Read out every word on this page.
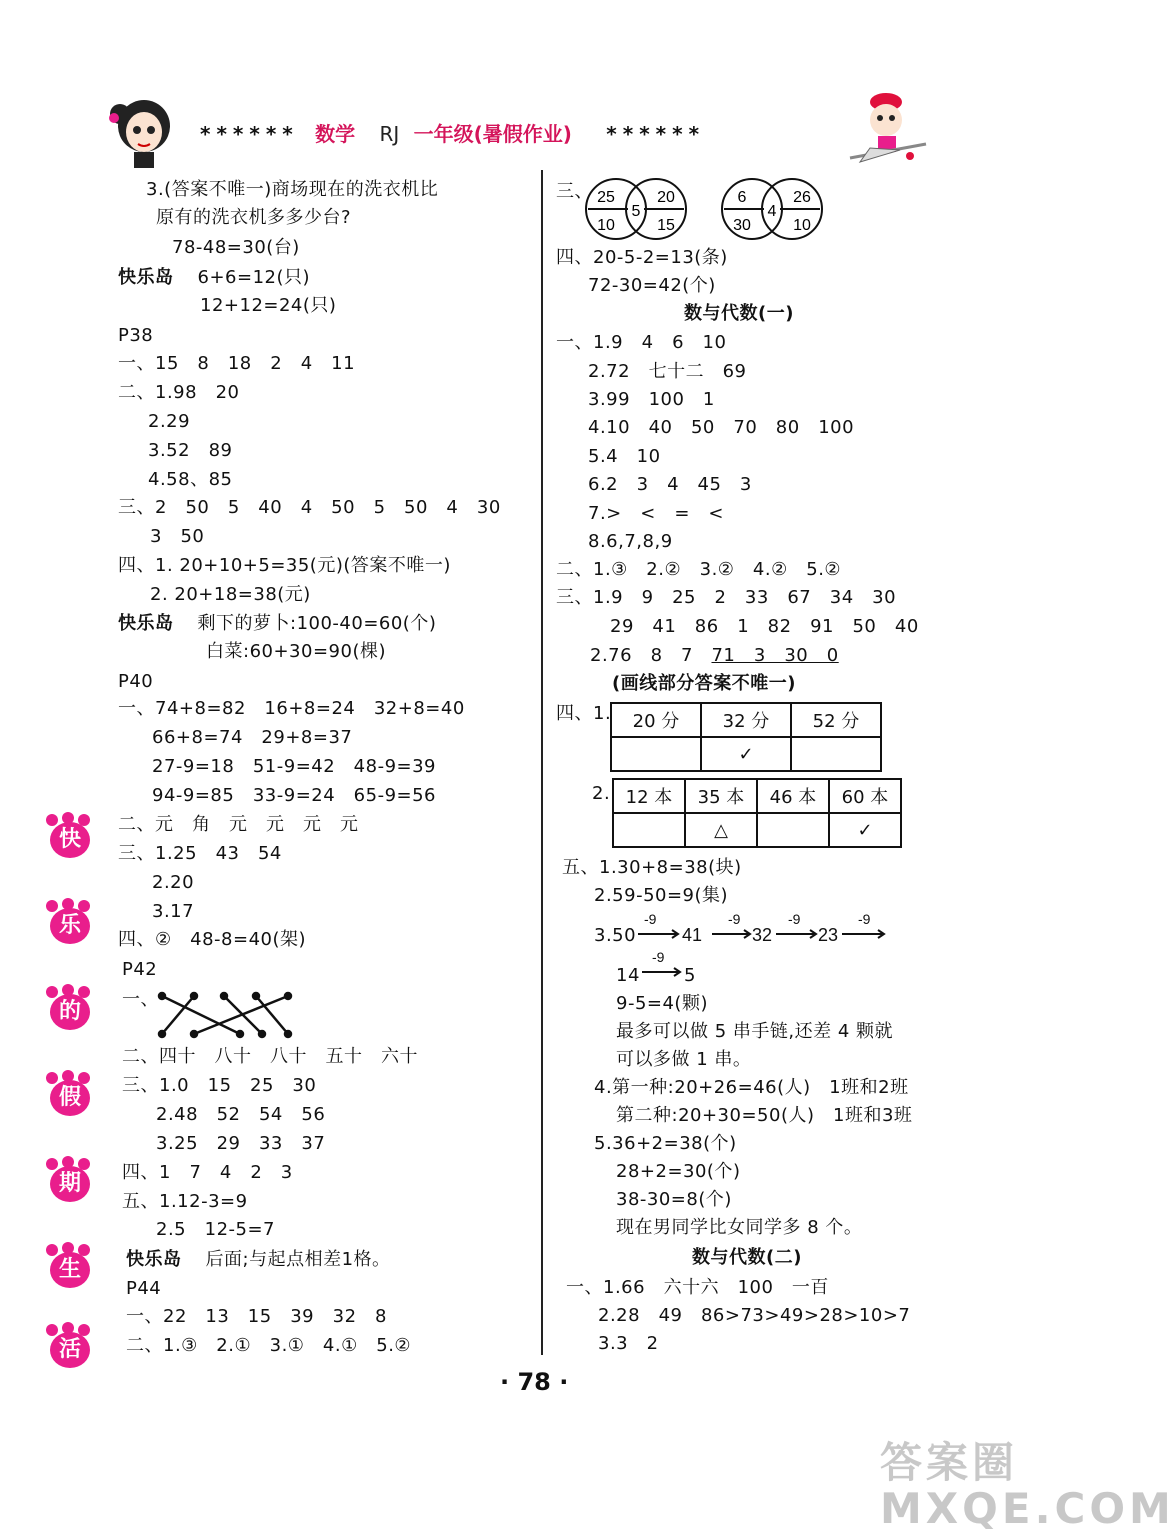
****** 数学 RJ 一年级(暑假作业) ******
快
乐
的
假
期
生
活
3.(答案不唯一)商场现在的洗衣机比
原有的洗衣机多多少台?
78-48=30(台)
快乐岛 6+6=12(只)
12+12=24(只)
P38
一、15　8　18　2　4　11
二、1.98　20
2.29
3.52　89
4.58、85
三、2　50　5　40　4　50　5　50　4　30
3　50
四、1. 20+10+5=35(元)(答案不唯一)
2. 20+18=38(元)
快乐岛 剩下的萝卜:100-40=60(个)
白菜:60+30=90(棵)
P40
一、74+8=82　16+8=24　32+8=40
66+8=74　29+8=37
27-9=18　51-9=42　48-9=39
94-9=85　33-9=24　65-9=56
二、元　角　元　元　元　元
三、1.25　43　54
2.20
3.17
四、②　48-8=40(架)
P42
一、
二、四十　八十　八十　五十　六十
三、1.0　15　25　30
2.48　52　54　56
3.25　29　33　37
四、1　7　4　2　3
五、1.12-3=9
2.5　12-5=7
快乐岛 后面;与起点相差1格。
P44
一、22　13　15　39　32　8
二、1.③　2.①　3.①　4.①　5.②
三、 25
10
5
20
15
6
30
4
26
10
四、20-5-2=13(条)
72-30=42(个)
数与代数(一)
一、1.9　4　6　10
2.72　七十二　69
3.99　100　1
4.10　40　50　70　80　100
5.4　10
6.2　3　4　45　3
7.>　<　=　<
8.6,7,8,9
二、1.③　2.②　3.②　4.②　5.②
三、1.9　9　25　2　33　67　34　30
29　41　86　1　82　91　50　40
2.76　8　7　71　3　30　0
(画线部分答案不唯一)
四、1. 20 分	32 分	52 分
	✓	
2. 12 本	35 本	46 本	60 本
	△		✓
五、1.30+8=38(块)
2.59-50=9(集)
3.50
-9	-9	-9	-9
41	32	23
14
-9
5
9-5=4(颗)
最多可以做 5 串手链,还差 4 颗就
可以多做 1 串。
4.第一种:20+26=46(人)　1班和2班
第二种:20+30=50(人)　1班和3班
5.36+2=38(个)
28+2=30(个)
38-30=8(个)
现在男同学比女同学多 8 个。
数与代数(二)
一、1.66　六十六　100　一百
2.28　49　86>73>49>28>10>7
3.3　2
· 78 ·
答案圈 MXQE.COM
